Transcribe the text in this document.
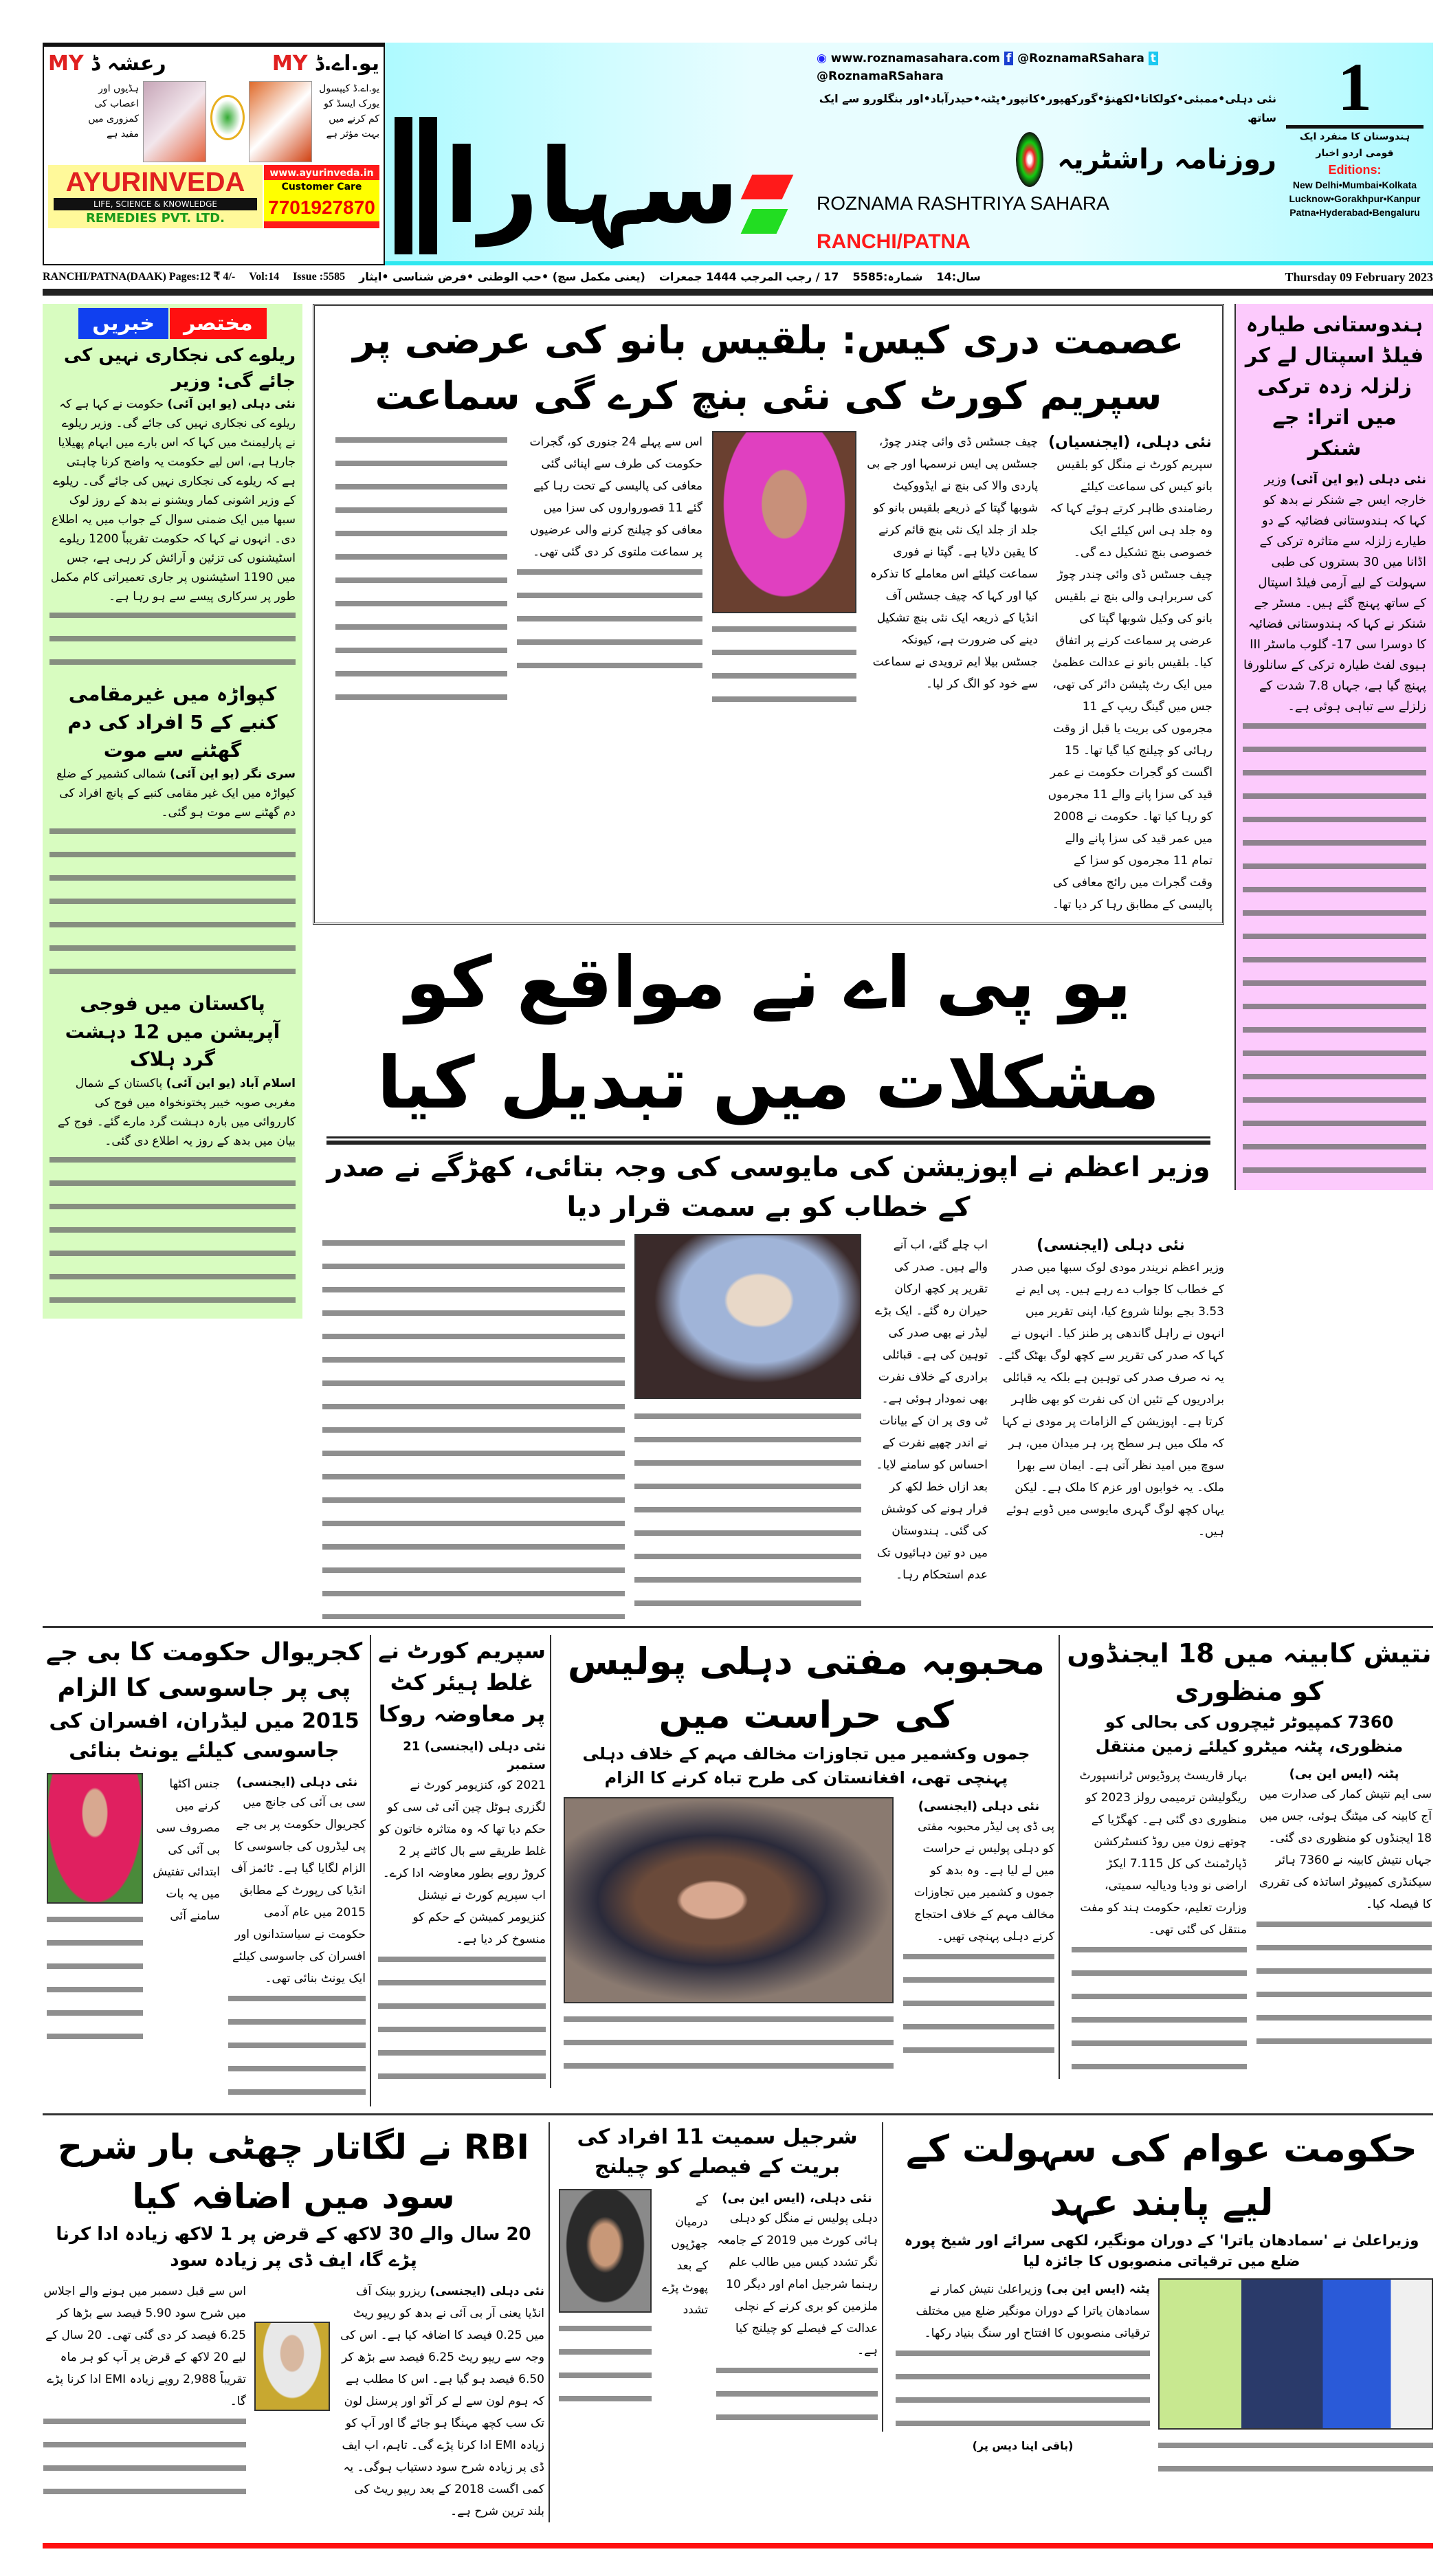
یو.اے.ڈ MY
رعشہ ڈ MY
یو.اے.ڈ کیپسول یورک ایسڈ کو کم کرنے میں بہت مؤثر ہے
ہڈیوں اور اعصاب کی کمزوری میں مفید ہے
AYURINVEDA
LIFE, SCIENCE & KNOWLEDGE
REMEDIES PVT. LTD.
www.ayurinveda.in
Customer Care
7701927870 سہارا
◉ www.roznamasahara.com f @RoznamaRSahara t @RoznamaRSahara
نئی دہلی•ممبئی•کولکاتا•لکھنؤ•گورکھپور•کانپور•پٹنہ•حیدرآباد•اور بنگلورو سے ایک ساتھ
روزنامہ راشٹریہ
ROZNAMA RASHTRIYA SAHARA
RANCHI/PATNA
1
ہندوستان کا منفرد ایک قومی اردو اخبار
Editions:
New Delhi•Mumbai•Kolkata
Lucknow•Gorakhpur•Kanpur
Patna•Hyderabad•Bengaluru
RANCHI/PATNA(DAAK) Pages:12 ₹ 4/- Vol:14 Issue :5585 (یعنی مکمل سچ) •حب الوطنی •فرض شناسی •ایثار 17 / رجب المرجب 1444 جمعرات شمارہ:5585 سال:14	Thursday 09 February 2023
مختصر
خبریں
ریلوے کی نجکاری نہیں کی جائے گی: وزیر
نئی دہلی (یو این آئی) حکومت نے کہا ہے کہ ریلوے کی نجکاری نہیں کی جائے گی۔ وزیر ریلوے نے پارلیمنٹ میں کہا کہ اس بارے میں ابہام پھیلایا جارہا ہے، اس لیے حکومت یہ واضح کرنا چاہتی ہے کہ ریلوے کی نجکاری نہیں کی جائے گی۔ ریلوے کے وزیر اشونی کمار ویشنو نے بدھ کے روز لوک سبھا میں ایک ضمنی سوال کے جواب میں یہ اطلاع دی۔ انہوں نے کہا کہ حکومت تقریباً 1200 ریلوے اسٹیشنوں کی تزئین و آرائش کر رہی ہے، جس میں 1190 اسٹیشنوں پر جاری تعمیراتی کام مکمل طور پر سرکاری پیسے سے ہو رہا ہے۔
کپواڑہ میں غیرمقامی کنبے کے 5 افراد کی دم گھٹنے سے موت
سری نگر (یو این آئی) شمالی کشمیر کے ضلع کپواڑہ میں ایک غیر مقامی کنبے کے پانچ افراد کی دم گھٹنے سے موت ہو گئی۔
پاکستان میں فوجی آپریشن میں 12 دہشت گرد ہلاک
اسلام آباد (یو این آئی) پاکستان کے شمال مغربی صوبہ خیبر پختونخواہ میں فوج کی کارروائی میں بارہ دہشت گرد مارے گئے۔ فوج کے بیان میں بدھ کے روز یہ اطلاع دی گئی۔
عصمت دری کیس: بلقیس بانو کی عرضی پر سپریم کورٹ کی نئی بنچ کرے گی سماعت
نئی دہلی، (ایجنسیاں)
سپریم کورٹ نے منگل کو بلقیس بانو کیس کی سماعت کیلئے رضامندی ظاہر کرتے ہوئے کہا کہ وہ جلد ہی اس کیلئے ایک خصوصی بنچ تشکیل دے گی۔ چیف جسٹس ڈی وائی چندر چوڑ کی سربراہی والی بنچ نے بلقیس بانو کی وکیل شوبھا گپتا کی عرضی پر سماعت کرنے پر اتفاق کیا۔ بلقیس بانو نے عدالت عظمیٰ میں ایک رٹ پٹیشن دائر کی تھی، جس میں گینگ ریپ کے 11 مجرموں کی بریت یا قبل از وقت رہائی کو چیلنج کیا گیا تھا۔ 15 اگست کو گجرات حکومت نے عمر قید کی سزا پانے والے 11 مجرموں کو رہا کیا تھا۔ حکومت نے 2008 میں عمر قید کی سزا پانے والے تمام 11 مجرموں کو سزا کے وقت گجرات میں رائج معافی کی پالیسی کے مطابق رہا کر دیا تھا۔
چیف جسٹس ڈی وائی چندر چوڑ، جسٹس پی ایس نرسمہا اور جے بی پاردی والا کی بنچ نے ایڈووکیٹ شوبھا گپتا کے ذریعے بلقیس بانو کو جلد از جلد ایک نئی بنچ قائم کرنے کا یقین دلایا ہے۔ گپتا نے فوری سماعت کیلئے اس معاملے کا تذکرہ کیا اور کہا کہ چیف جسٹس آف انڈیا کے ذریعہ ایک نئی بنچ تشکیل دینے کی ضرورت ہے، کیونکہ جسٹس بیلا ایم ترویدی نے سماعت سے خود کو الگ کر لیا۔
اس سے پہلے 24 جنوری کو، گجرات حکومت کی طرف سے اپنائی گئی معافی کی پالیسی کے تحت رہا کیے گئے 11 قصورواروں کی سزا میں معافی کو چیلنج کرنے والی عرضیوں پر سماعت ملتوی کر دی گئی تھی۔
یو پی اے نے مواقع کو مشکلات میں تبدیل کیا
وزیر اعظم نے اپوزیشن کی مایوسی کی وجہ بتائی، کھڑگے نے صدر کے خطاب کو بے سمت قرار دیا
نئی دہلی (ایجنسی)
وزیر اعظم نریندر مودی لوک سبھا میں صدر کے خطاب کا جواب دے رہے ہیں۔ پی ایم نے 3.53 بجے بولنا شروع کیا، اپنی تقریر میں انہوں نے راہل گاندھی پر طنز کیا۔ انہوں نے کہا کہ صدر کی تقریر سے کچھ لوگ بھٹک گئے۔ یہ نہ صرف صدر کی توہین ہے بلکہ یہ قبائلی برادریوں کے تئیں ان کی نفرت کو بھی ظاہر کرتا ہے۔ اپوزیشن کے الزامات پر مودی نے کہا کہ ملک میں ہر سطح پر، ہر میدان میں، ہر سوچ میں امید نظر آتی ہے۔ ایمان سے بھرا ملک۔ یہ خوابوں اور عزم کا ملک ہے۔ لیکن یہاں کچھ لوگ گہری مایوسی میں ڈوبے ہوئے ہیں۔
اب چلے گئے، اب آنے والے ہیں۔ صدر کی تقریر پر کچھ ارکان حیران رہ گئے۔ ایک بڑے لیڈر نے بھی صدر کی توہین کی ہے۔ قبائلی برادری کے خلاف نفرت بھی نمودار ہوئی ہے۔ ٹی وی پر ان کے بیانات نے اندر چھپے نفرت کے احساس کو سامنے لایا۔ بعد ازاں خط لکھ کر فرار ہونے کی کوشش کی گئی۔ ہندوستان میں دو تین دہائیوں تک عدم استحکام رہا۔
ہندوستانی طیارہ فیلڈ اسپتال لے کر زلزلہ زدہ ترکی میں اترا: جے شنکر
نئی دہلی (یو این آئی) وزیر خارجہ ایس جے شنکر نے بدھ کو کہا کہ ہندوستانی فضائیہ کے دو طیارے زلزلہ سے متاثرہ ترکی کے اڈانا میں 30 بستروں کی طبی سہولت کے لیے آرمی فیلڈ اسپتال کے ساتھ پہنچ گئے ہیں۔ مسٹر جے شنکر نے کہا کہ ہندوستانی فضائیہ کا دوسرا سی 17- گلوب ماسٹر III ہیوی لفٹ طیارہ ترکی کے سانلورفا پہنچ گیا ہے، جہاں 7.8 شدت کے زلزلے سے تباہی ہوئی ہے۔
کجریوال حکومت کا بی جے پی پر جاسوسی کا الزام
2015 میں لیڈران، افسران کی جاسوسی کیلئے یونٹ بنائی
نئی دہلی (ایجنسی)
سی بی آئی کی جانچ میں کجریوال حکومت پر بی جے پی لیڈروں کی جاسوسی کا الزام لگایا گیا ہے۔ ٹائمز آف انڈیا کی رپورٹ کے مطابق 2015 میں عام آدمی حکومت نے سیاستدانوں اور افسران کی جاسوسی کیلئے ایک یونٹ بنائی تھی۔
جنس اکٹھا کرنے میں مصروف سی بی آئی کی ابتدائی تفتیش میں یہ بات سامنے آئی
سپریم کورٹ نے غلط ہیئر کٹ پر معاوضہ روکا
نئی دہلی (ایجنسی) 21 ستمبر
2021 کو، کنزیومر کورٹ نے لگزری ہوٹل چین آئی ٹی سی کو حکم دیا تھا کہ وہ متاثرہ خاتون کو غلط طریقے سے بال کاٹنے پر 2 کروڑ روپے بطور معاوضہ ادا کرے۔ اب سپریم کورٹ نے نیشنل کنزیومر کمیشن کے حکم کو منسوخ کر دیا ہے۔
محبوبہ مفتی دہلی پولیس کی حراست میں
جموں وکشمیر میں تجاوزات مخالف مہم کے خلاف دہلی پہنچی تھی، افغانستان کی طرح تباہ کرنے کا الزام
نئی دہلی (ایجنسی)
پی ڈی پی لیڈر محبوبہ مفتی کو دہلی پولیس نے حراست میں لے لیا ہے۔ وہ بدھ کو جموں و کشمیر میں تجاوزات مخالف مہم کے خلاف احتجاج کرنے دہلی پہنچی تھیں۔
نتیش کابینہ میں 18 ایجنڈوں کو منظوری
7360 کمپیوٹر ٹیچروں کی بحالی کو منظوری، پٹنہ میٹرو کیلئے زمین منتقل
پٹنہ (ایس این بی)
سی ایم نتیش کمار کی صدارت میں آج کابینہ کی میٹنگ ہوئی، جس میں 18 ایجنڈوں کو منظوری دی گئی۔ جہاں نتیش کابینہ نے 7360 ہائر سیکنڈری کمپیوٹر اساتذہ کی تقرری کا فیصلہ کیا۔
بہار قاریسٹ پروڈیوس ٹرانسپورٹ ریگولیشن ترمیمی رولز 2023 کو منظوری دی گئی ہے۔ کھگڑیا کے چوتھے زون میں روڈ کنسٹرکشن ڈپارٹمنٹ کی کل 7.115 ایکڑ اراضی نو ودیا ودیالیہ سمیتی، وزارت تعلیم، حکومت ہند کو مفت منتقل کی گئی تھی۔
RBI نے لگاتار چھٹی بار شرح سود میں اضافہ کیا
20 سال والے 30 لاکھ کے قرض پر 1 لاکھ زیادہ ادا کرنا پڑے گا، ایف ڈی پر زیادہ سود
نئی دہلی (ایجنسی) ریزرو بینک آف انڈیا یعنی آر بی آئی نے بدھ کو ریپو ریٹ میں 0.25 فیصد کا اضافہ کیا ہے۔ اس کی وجہ سے ریپو ریٹ 6.25 فیصد سے بڑھ کر 6.50 فیصد ہو گیا ہے۔ اس کا مطلب ہے کہ ہوم لون سے لے کر آٹو اور پرسنل لون تک سب کچھ مہنگا ہو جائے گا اور آپ کو زیادہ EMI ادا کرنا پڑے گی۔ تاہم، اب ایف ڈی پر زیادہ شرح سود دستیاب ہوگی۔ یہ کمی اگست 2018 کے بعد ریپو ریٹ کی بلند ترین شرح ہے۔
اس سے قبل دسمبر میں ہونے والے اجلاس میں شرح سود 5.90 فیصد سے بڑھا کر 6.25 فیصد کر دی گئی تھی۔ 20 سال کے لیے 20 لاکھ کے قرض پر آپ کو ہر ماہ تقریباً 2,988 روپے زیادہ EMI ادا کرنا پڑے گا۔
شرجیل سمیت 11 افراد کی بریت کے فیصلے کو چیلنج
نئی دہلی، (ایس این بی)
دہلی پولیس نے منگل کو دہلی ہائی کورٹ میں 2019 کے جامعہ نگر تشدد کیس میں طالب علم رہنما شرجیل امام اور دیگر 10 ملزمین کو بری کرنے کے نچلی عدالت کے فیصلے کو چیلنج کیا ہے۔
کے درمیان جھڑپوں کے بعد پھوٹ پڑے تشدد
حکومت عوام کی سہولت کے لیے پابند عہد
وزیراعلیٰ نے 'سمادھان یاترا' کے دوران مونگیر، لکھی سرائے اور شیخ پورہ ضلع میں ترقیاتی منصوبوں کا جائزہ لیا
پٹنہ (ایس این بی) وزیراعلیٰ نتیش کمار نے سمادھان یاترا کے دوران مونگیر ضلع میں مختلف ترقیاتی منصوبوں کا افتتاح اور سنگ بنیاد رکھا۔
(باقی اپنا دیس پر)
